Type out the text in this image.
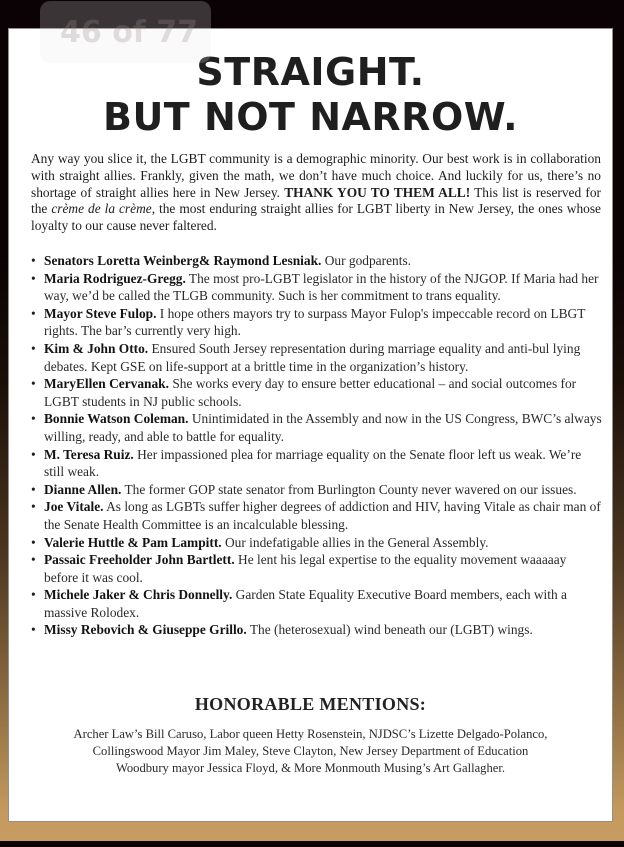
STRAIGHT.
BUT NOT NARROW.
Any way you slice it, the LGBT community is a demographic minority. Our best work is in collaboration with straight allies. Frankly, given the math, we don’t have much choice. And luckily for us, there’s no shortage of straight allies here in New Jersey. THANK YOU TO THEM ALL! This list is reserved for the crème de la crème, the most enduring straight allies for LGBT liberty in New Jersey, the ones whose loyalty to our cause never faltered.
• Senators Loretta Weinberg& Raymond Lesniak. Our godparents.
• Maria Rodriguez-Gregg. The most pro-LGBT legislator in the history of the NJGOP. If Maria had her way, we’d be called the TLGB community. Such is her commitment to trans equality.
• Mayor Steve Fulop. I hope others mayors try to surpass Mayor Fulop's impeccable record on LBGT rights. The bar’s currently very high.
• Kim & John Otto. Ensured South Jersey representation during marriage equality and anti-bul lying debates. Kept GSE on life-support at a brittle time in the organization’s history.
• MaryEllen Cervanak. She works every day to ensure better educational – and social outcomes for LGBT students in NJ public schools.
• Bonnie Watson Coleman. Unintimidated in the Assembly and now in the US Congress, BWC’s always willing, ready, and able to battle for equality.
• M. Teresa Ruiz. Her impassioned plea for marriage equality on the Senate floor left us weak. We’re still weak.
• Dianne Allen. The former GOP state senator from Burlington County never wavered on our issues.
• Joe Vitale. As long as LGBTs suffer higher degrees of addiction and HIV, having Vitale as chair man of the Senate Health Committee is an incalculable blessing.
• Valerie Huttle & Pam Lampitt. Our indefatigable allies in the General Assembly.
• Passaic Freeholder John Bartlett. He lent his legal expertise to the equality movement waaaaay before it was cool.
• Michele Jaker & Chris Donnelly. Garden State Equality Executive Board members, each with a massive Rolodex.
• Missy Rebovich & Giuseppe Grillo. The (heterosexual) wind beneath our (LGBT) wings.
HONORABLE MENTIONS:
Archer Law’s Bill Caruso, Labor queen Hetty Rosenstein, NJDSC’s Lizette Delgado-Polanco,
Collingswood Mayor Jim Maley, Steve Clayton, New Jersey Department of Education
Woodbury mayor Jessica Floyd, & More Monmouth Musing’s Art Gallagher.
46 of 77
